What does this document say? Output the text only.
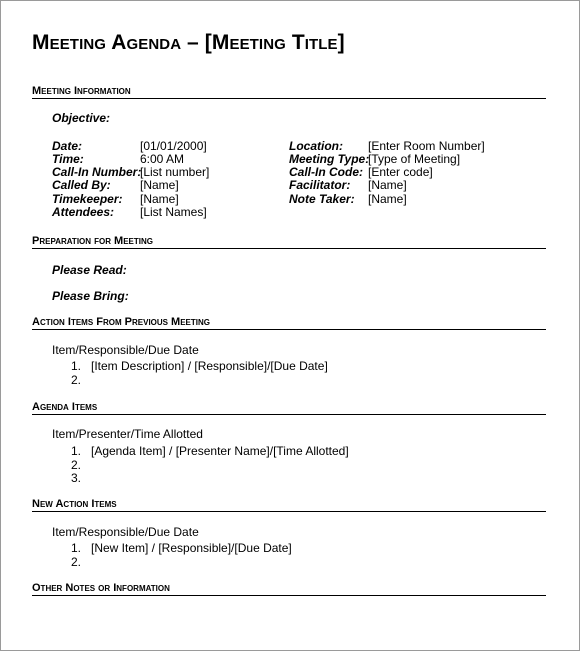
Meeting Agenda – [Meeting Title]
Meeting Information
Objective:
Date:	[01/01/2000]
Time:	6:00 AM
Call-In Number:
[List number]
Called By: [Name]
Timekeeper: [Name]
Attendees: [List Names]
Location: [Enter Room Number]
Meeting Type:
[Type of Meeting]
Call-In Code: [Enter code]
Facilitator: [Name]
Note Taker: [Name]
Preparation for Meeting
Please Read:
Please Bring:
Action Items From Previous Meeting
Item/Responsible/Due Date
1. [Item Description] / [Responsible]/[Due Date]
2.
Agenda Items
Item/Presenter/Time Allotted
1. [Agenda Item] / [Presenter Name]/[Time Allotted]
2.
3.
New Action Items
Item/Responsible/Due Date
1. [New Item] / [Responsible]/[Due Date]
2.
Other Notes or Information
